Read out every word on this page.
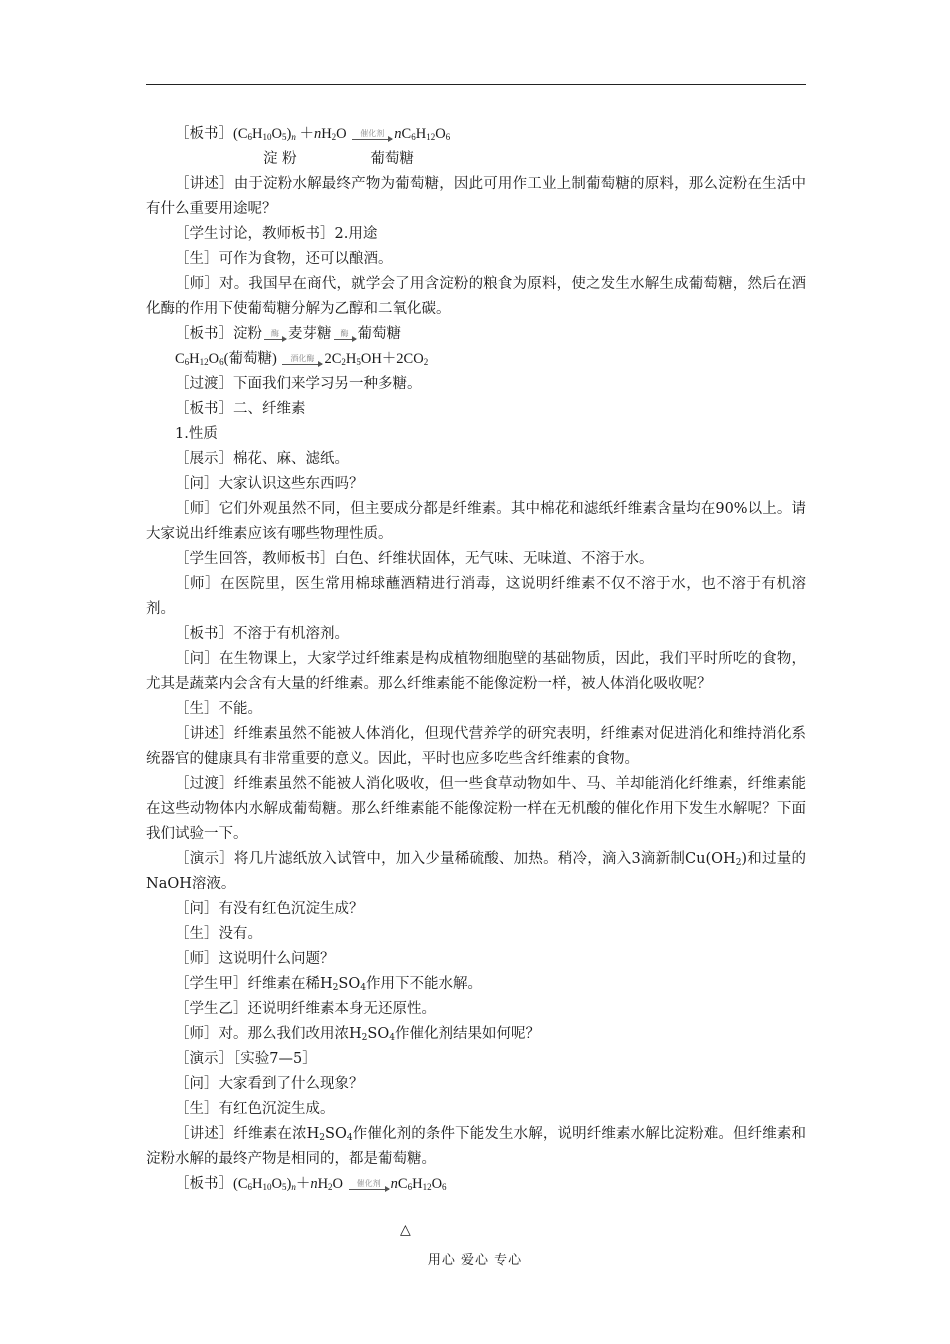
［板书$](C_6H_{10}O_5)_n +nH_2O$	催化剂 $nC_6H_{12}O_6$

淀 粉                葡萄糖

［讲述］由于淀粉水解最终产物为葡萄糖，因此可用作工业上制葡萄糖的原料，那么淀粉在生活中有什么重要用途呢？

［学生讨论，教师板书］2.用途

［生］可作为食物，还可以酿酒。

［师］对。我国早在商代，就学会了用含淀粉的粮食为原料，使之发生水解生成葡萄糖，然后在酒化酶的作用下使葡萄糖分解为乙醇和二氧化碳。

［板书］淀粉	酶 麦芽糖	酶 葡萄糖

$C_6H_{12}O_6$(葡萄糖)	酒化酶 $2C_2H_5OH+2CO_2$

［过渡］下面我们来学习另一种多糖。

［板书］二、纤维素

1.性质

［展示］棉花、麻、滤纸。

［问］大家认识这些东西吗？

［师］它们外观虽然不同，但主要成分都是纤维素。其中棉花和滤纸纤维素含量均在90%以上。请大家说出纤维素应该有哪些物理性质。

［学生回答，教师板书］白色、纤维状固体，无气味、无味道、不溶于水。

［师］在医院里，医生常用棉球蘸酒精进行消毒，这说明纤维素不仅不溶于水，也不溶于有机溶剂。

［板书］不溶于有机溶剂。

［问］在生物课上，大家学过纤维素是构成植物细胞壁的基础物质，因此，我们平时所吃的食物，尤其是蔬菜内会含有大量的纤维素。那么纤维素能不能像淀粉一样，被人体消化吸收呢？

［生］不能。

［讲述］纤维素虽然不能被人体消化，但现代营养学的研究表明，纤维素对促进消化和维持消化系统器官的健康具有非常重要的意义。因此，平时也应多吃些含纤维素的食物。

［过渡］纤维素虽然不能被人消化吸收，但一些食草动物如牛、马、羊却能消化纤维素，纤维素能在这些动物体内水解成葡萄糖。那么纤维素能不能像淀粉一样在无机酸的催化作用下发生水解呢？下面我们试验一下。

［演示］将几片滤纸放入试管中，加入少量稀硫酸、加热。稍冷，滴入3滴新制$Cu(OH_2)$和过量的NaOH溶液。

［问］有没有红色沉淀生成？

［生］没有。

［师］这说明什么问题？

［学生甲］纤维素在稀$H_2SO_4$作用下不能水解。

［学生乙］还说明纤维素本身无还原性。

［师］对。那么我们改用浓$H_2SO_4$作催化剂结果如何呢？

［演示］［实验7—5］

［问］大家看到了什么现象？

［生］有红色沉淀生成。

［讲述］纤维素在浓$H_2SO_4$作催化剂的条件下能发生水解，说明纤维素水解比淀粉难。但纤维素和淀粉水解的最终产物是相同的，都是葡萄糖。

［板书$](C_6H_{10}O_5)_n+nH_2O$	催化剂 $nC_6H_{12}O_6$

△
用心 爱心 专心
